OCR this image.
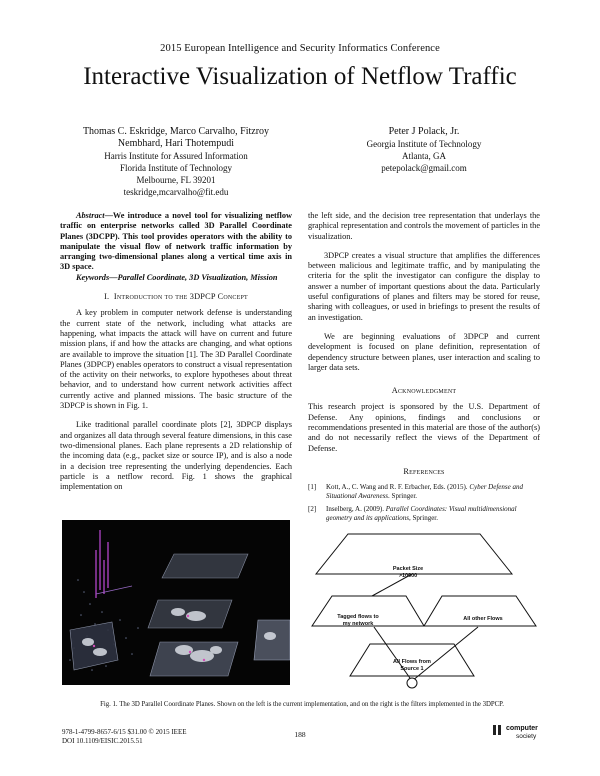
2015 European Intelligence and Security Informatics Conference
Interactive Visualization of Netflow Traffic
Thomas C. Eskridge, Marco Carvalho, Fitzroy
Nembhard, Hari Thotempudi
Harris Institute for Assured Information
Florida Institute of Technology
Melbourne, FL 39201
teskridge,mcarvalho@fit.edu
Peter J Polack, Jr.
Georgia Institute of Technology
Atlanta, GA
petepolack@gmail.com

Abstract—We introduce a novel tool for visualizing netflow traffic on enterprise networks called 3D Parallel Coordinate Planes (3DCPP). This tool provides operators with the ability to manipulate the visual flow of network traffic information by arranging two-dimensional planes along a vertical time axis in 3D space.

Keywords—Parallel Coordinate, 3D Visualization, Mission

I. Introduction to the 3DPCP Concept

A key problem in computer network defense is understanding the current state of the network, including what attacks are happening, what impacts the attack will have on current and future mission plans, if and how the attacks are changing, and what options are available to improve the situation [1]. The 3D Parallel Coordinate Planes (3DPCP) enables operators to construct a visual representation of the activity on their networks, to explore hypotheses about threat behavior, and to understand how current network activities affect currently active and planned missions. The basic structure of the 3DPCP is shown in Fig. 1.

Like traditional parallel coordinate plots [2], 3DPCP displays and organizes all data through several feature dimensions, in this case two-dimensional planes. Each plane represents a 2D relationship of the incoming data (e.g., packet size or source IP), and is also a node in a decision tree representing the underlying dependencies. Each particle is a netflow record. Fig. 1 shows the graphical implementation on

the left side, and the decision tree representation that underlays the graphical representation and controls the movement of particles in the visualization.

3DPCP creates a visual structure that amplifies the differences between malicious and legitimate traffic, and by manipulating the criteria for the split the investigator can configure the display to answer a number of important questions about the data. Particularly useful configurations of planes and filters may be stored for reuse, sharing with colleagues, or used in briefings to present the results of an investigation.

We are beginning evaluations of 3DPCP and current development is focused on plane definition, representation of dependency structure between planes, user interaction and scaling to larger data sets.

Acknowledgment

This research project is sponsored by the U.S. Department of Defense. Any opinions, findings and conclusions or recommendations presented in this material are those of the author(s) and do not necessarily reflect the views of the Department of Defense.

References
[1]	Kott, A., C. Wang and R. F. Erbacher, Eds. (2015). Cyber Defense and Situational Awareness. Springer.
[2]	Inselberg, A. (2009). Parallel Coordinates: Visual multidimensional geometry and its applications, Springer.
Packet Size
>10000
Tagged flows to
my network
All other Flows
All Flows from
Source 1
Fig. 1. The 3D Parallel Coordinate Planes. Shown on the left is the current implementation, and on the right is the filters implemented in the 3DPCP.
978-1-4799-8657-6/15 $31.00 © 2015 IEEE
DOI 10.1109/EISIC.2015.51
188
computer
society
